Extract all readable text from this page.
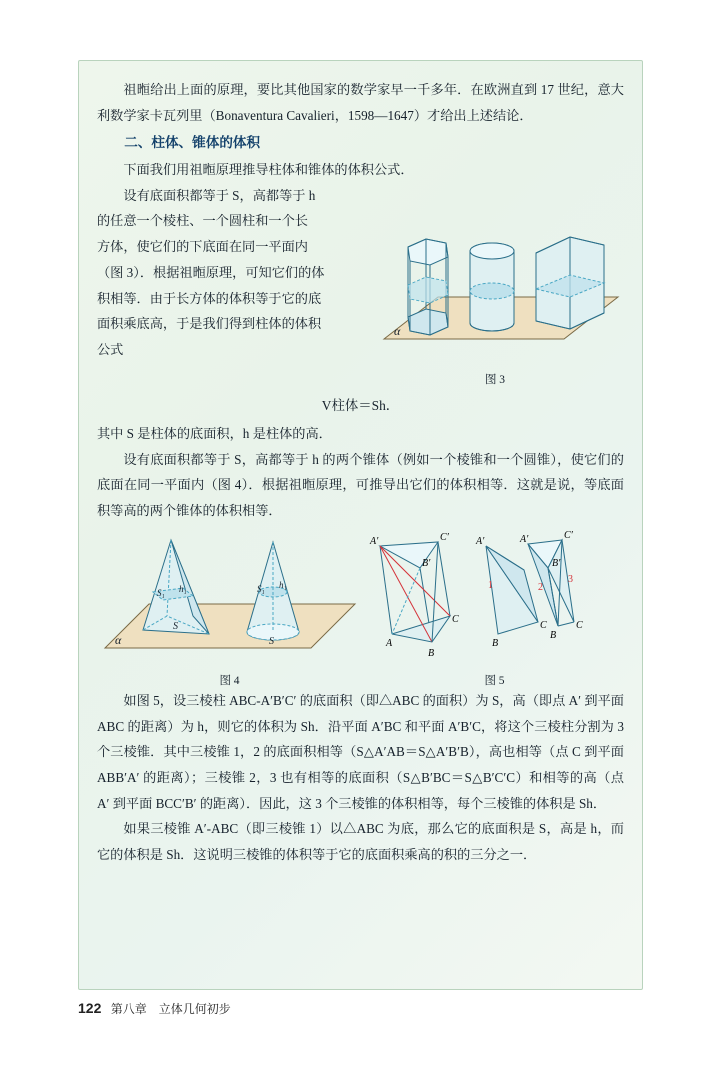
祖暅给出上面的原理，要比其他国家的数学家早一千多年．在欧洲直到 17 世纪，意大利数学家卡瓦列里（Bonaventura Cavalieri，1598—1647）才给出上述结论．
二、柱体、锥体的体积
下面我们用祖暅原理推导柱体和锥体的体积公式．
α
图 3
设有底面积都等于 S，高都等于 h
的任意一个棱柱、一个圆柱和一个长
方体，使它们的下底面在同一平面内
（图 3）．根据祖暅原理，可知它们的体
积相等．由于长方体的体积等于它的底
面积乘底高，于是我们得到柱体的体积
公式
V柱体＝Sh．
其中 S 是柱体的底面积，h 是柱体的高．
设有底面积都等于 S，高都等于 h 的两个锥体（例如一个棱锥和一个圆锥），使它们的底面在同一平面内（图 4）．根据祖暅原理，可推导出它们的体积相等．这就是说，等底面积等高的两个锥体的体积相等．
S₁ h₁
S
S₁ h₁
S
α
图 4
A′	C′
B′
A
C
B
A′
B
C
1
A′	C′
B′
B
C
2
3
图 5
如图 5，设三棱柱 ABC-A′B′C′ 的底面积（即△ABC 的面积）为 S，高（即点 A′ 到平面 ABC 的距离）为 h，则它的体积为 Sh．沿平面 A′BC 和平面 A′B′C，将这个三棱柱分割为 3 个三棱锥．其中三棱锥 1，2 的底面积相等（S△A′AB＝S△A′B′B），高也相等（点 C 到平面 ABB′A′ 的距离）；三棱锥 2，3 也有相等的底面积（S△B′BC＝S△B′C′C）和相等的高（点 A′ 到平面 BCC′B′ 的距离）．因此，这 3 个三棱锥的体积相等，每个三棱锥的体积是 Sh．
如果三棱锥 A′-ABC（即三棱锥 1）以△ABC 为底，那么它的底面积是 S，高是 h，而它的体积是 Sh．这说明三棱锥的体积等于它的底面积乘高的积的三分之一．
122 第八章　立体几何初步
